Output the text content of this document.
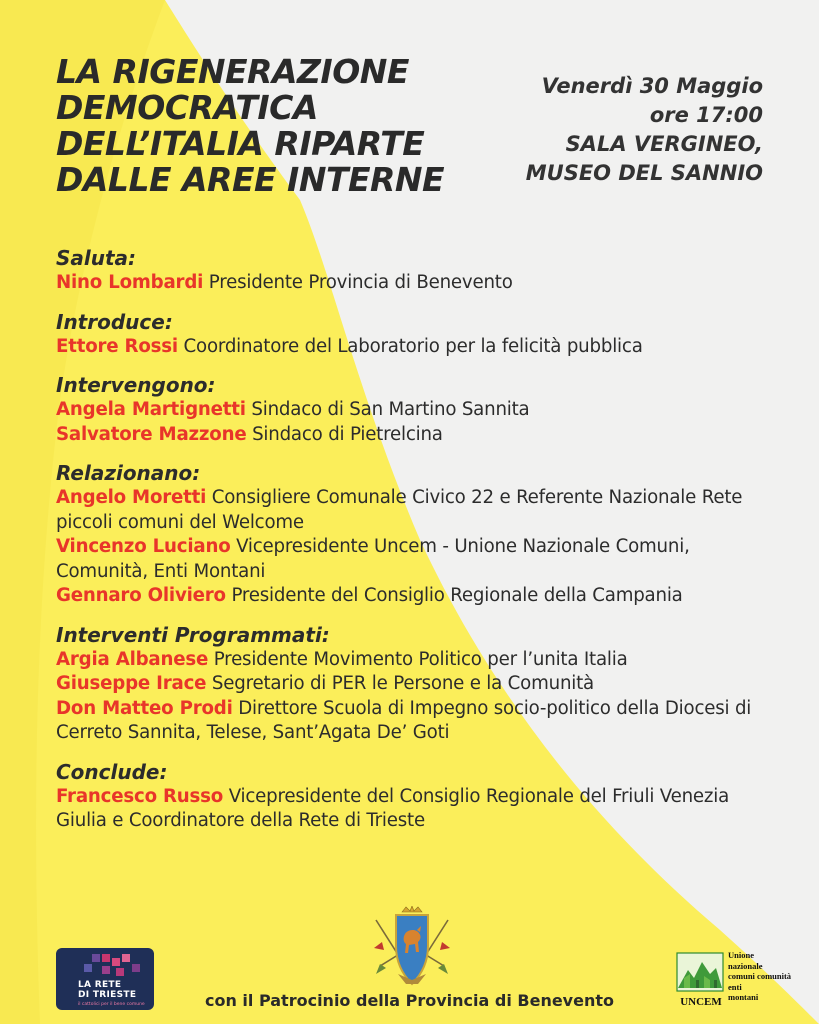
LA RIGENERAZIONE
DEMOCRATICA
DELL’ITALIA RIPARTE
DALLE AREE INTERNE
Venerdì 30 Maggio
ore 17:00
SALA VERGINEO,
MUSEO DEL SANNIO
Saluta:
Nino Lombardi Presidente Provincia di Benevento
Introduce:
Ettore Rossi Coordinatore del Laboratorio per la felicità pubblica
Intervengono:
Angela Martignetti Sindaco di San Martino Sannita
Salvatore Mazzone Sindaco di Pietrelcina
Relazionano:
Angelo Moretti Consigliere Comunale Civico 22 e Referente Nazionale Rete piccoli comuni del Welcome
Vincenzo Luciano Vicepresidente Uncem - Unione Nazionale Comuni, Comunità, Enti Montani
Gennaro Oliviero Presidente del Consiglio Regionale della Campania
Interventi Programmati:
Argia Albanese Presidente Movimento Politico per l’unita Italia
Giuseppe Irace Segretario di PER le Persone e la Comunità
Don Matteo Prodi Direttore Scuola di Impegno socio-politico della Diocesi di Cerreto Sannita, Telese, Sant’Agata De’ Goti
Conclude:
Francesco Russo Vicepresidente del Consiglio Regionale del Friuli Venezia Giulia e Coordinatore della Rete di Trieste
LA RETE
DI TRIESTE
il cattolici per il bene comune	con il Patrocinio della Provincia di Benevento	UNCEM
Unione
nazionale
comuni comunità
enti
montani
